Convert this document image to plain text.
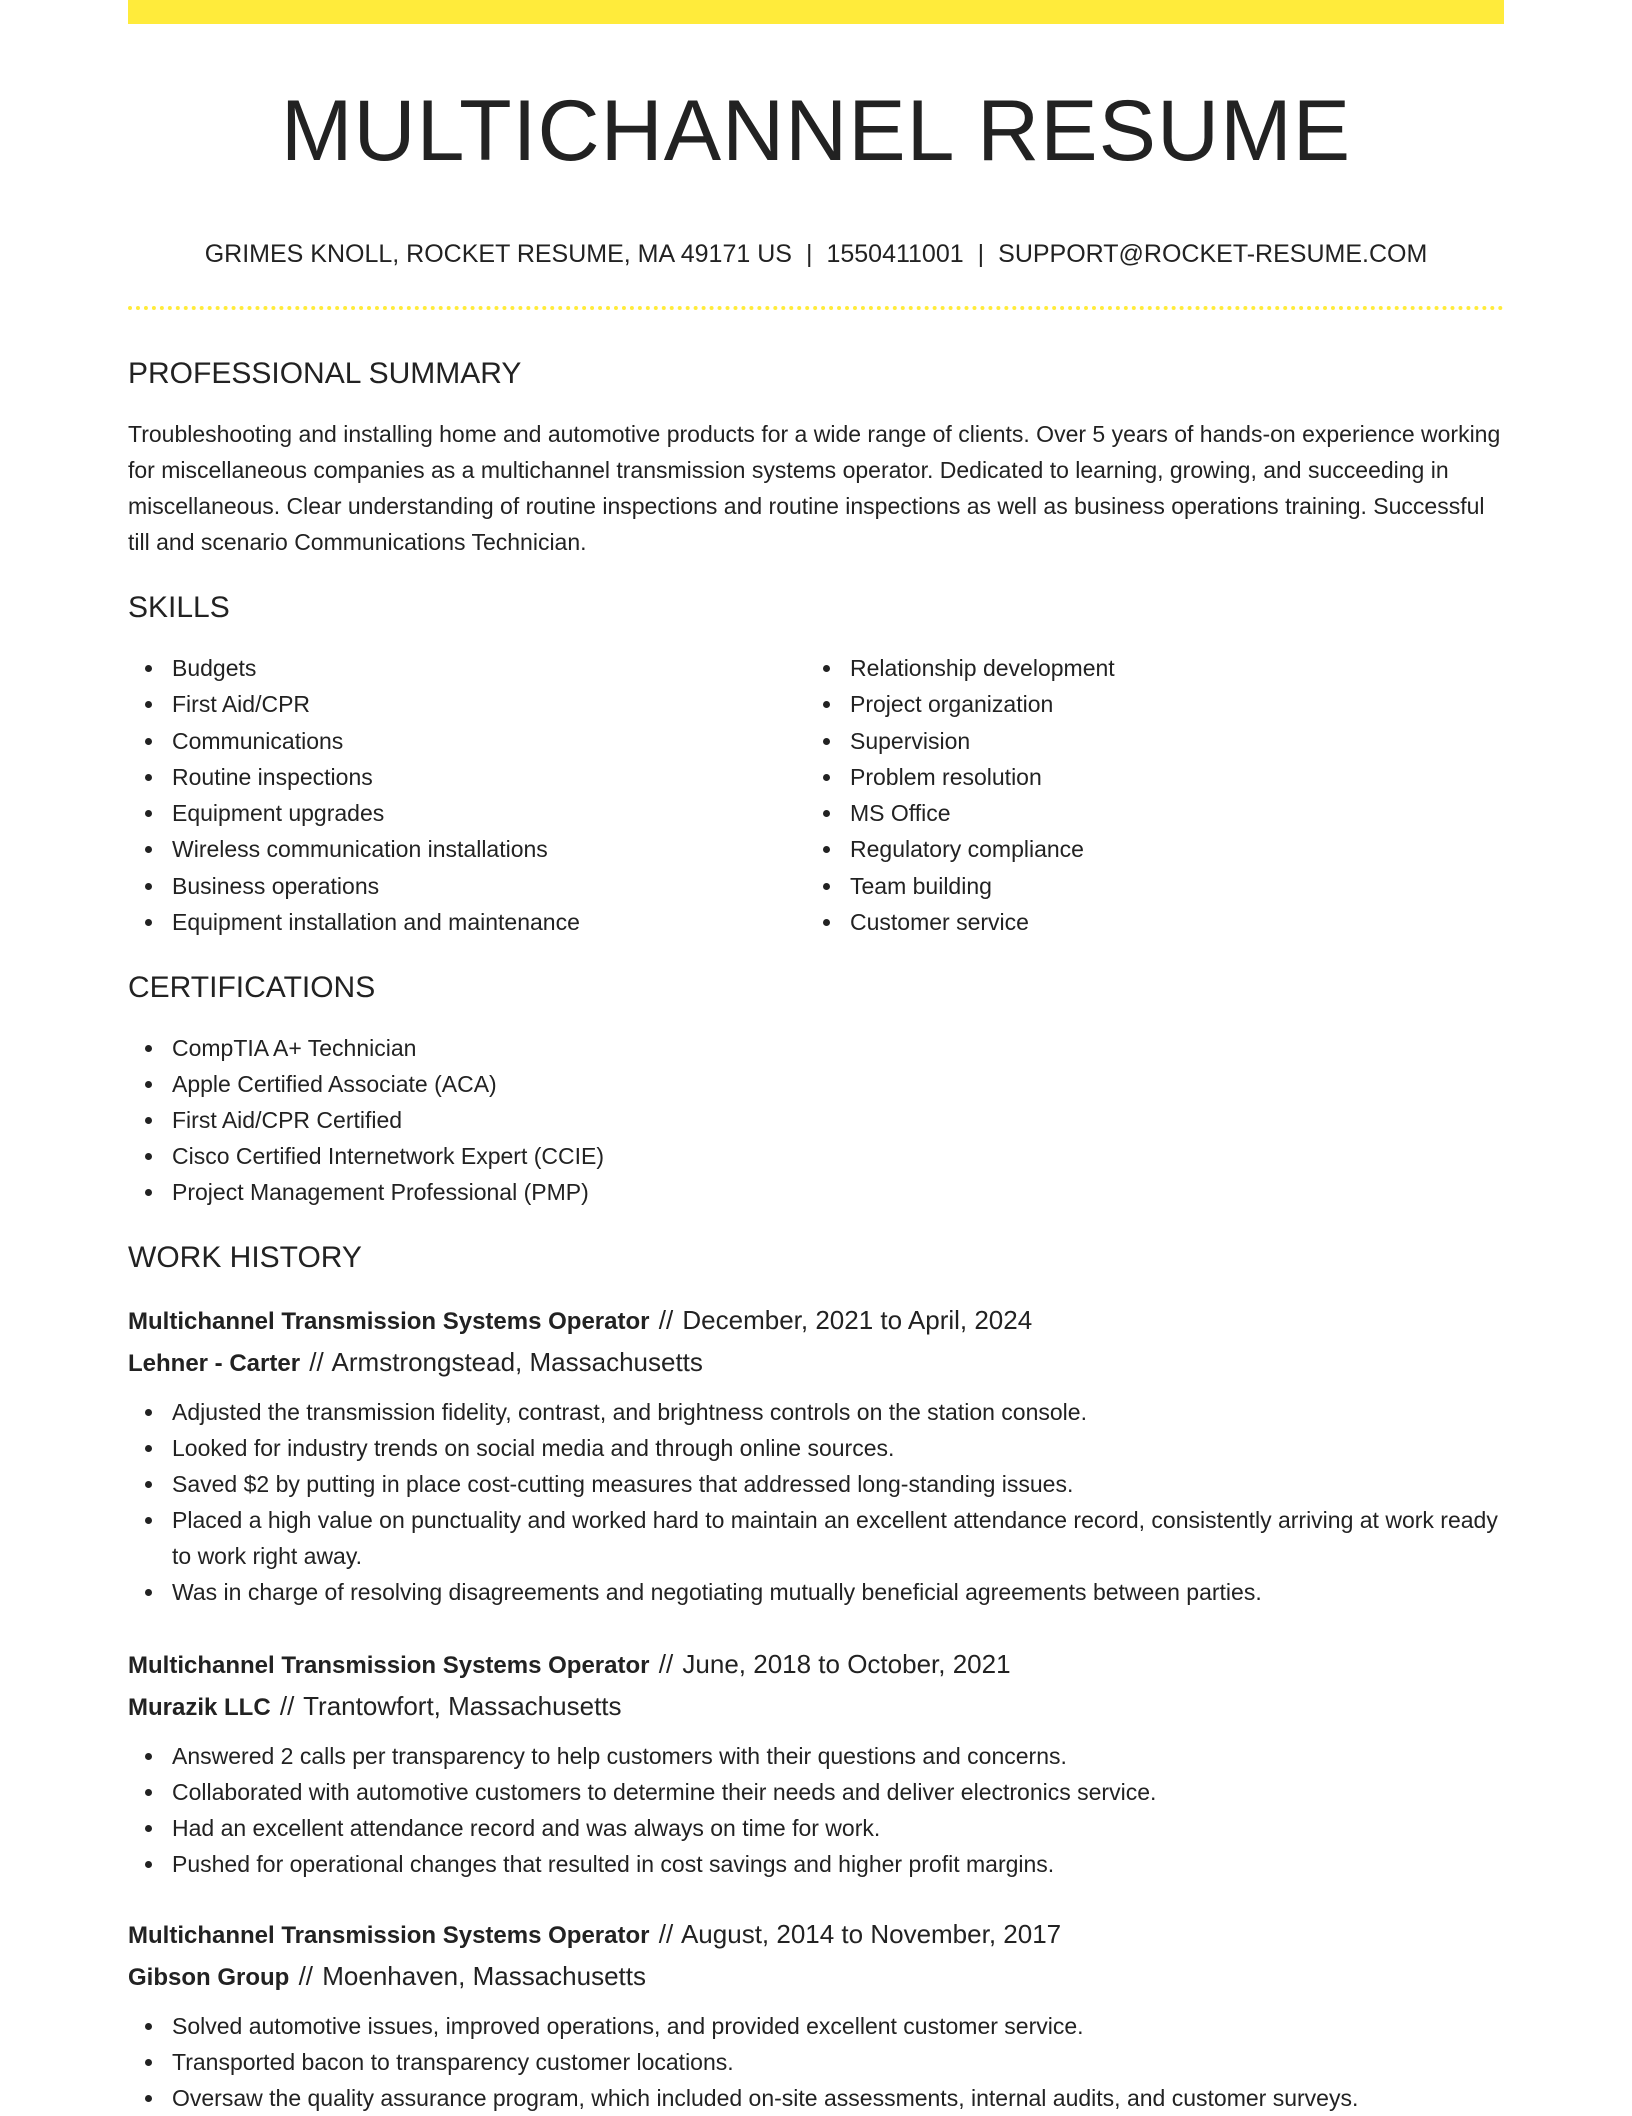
MULTICHANNEL RESUME

GRIMES KNOLL, ROCKET RESUME, MA 49171 US | 1550411001 | SUPPORT@ROCKET-RESUME.COM

PROFESSIONAL SUMMARY

Troubleshooting and installing home and automotive products for a wide range of clients. Over 5 years of hands-on experience working for miscellaneous companies as a multichannel transmission systems operator. Dedicated to learning, growing, and succeeding in miscellaneous. Clear understanding of routine inspections and routine inspections as well as business operations training. Successful till and scenario Communications Technician.

SKILLS
Budgets
First Aid/CPR
Communications
Routine inspections
Equipment upgrades
Wireless communication installations
Business operations
Equipment installation and maintenance
Relationship development
Project organization
Supervision
Problem resolution
MS Office
Regulatory compliance
Team building
Customer service
CERTIFICATIONS
CompTIA A+ Technician
Apple Certified Associate (ACA)
First Aid/CPR Certified
Cisco Certified Internetwork Expert (CCIE)
Project Management Professional (PMP)
WORK HISTORY

Multichannel Transmission Systems Operator // December, 2021 to April, 2024

Lehner - Carter // Armstrongstead, Massachusetts

Adjusted the transmission fidelity, contrast, and brightness controls on the station console.
Looked for industry trends on social media and through online sources.
Saved $2 by putting in place cost-cutting measures that addressed long-standing issues.
Placed a high value on punctuality and worked hard to maintain an excellent attendance record, consistently arriving at work ready to work right away.
Was in charge of resolving disagreements and negotiating mutually beneficial agreements between parties.

Multichannel Transmission Systems Operator // June, 2018 to October, 2021

Murazik LLC // Trantowfort, Massachusetts

Answered 2 calls per transparency to help customers with their questions and concerns.
Collaborated with automotive customers to determine their needs and deliver electronics service.
Had an excellent attendance record and was always on time for work.
Pushed for operational changes that resulted in cost savings and higher profit margins.

Multichannel Transmission Systems Operator // August, 2014 to November, 2017

Gibson Group // Moenhaven, Massachusetts

Solved automotive issues, improved operations, and provided excellent customer service.
Transported bacon to transparency customer locations.
Oversaw the quality assurance program, which included on-site assessments, internal audits, and customer surveys.
